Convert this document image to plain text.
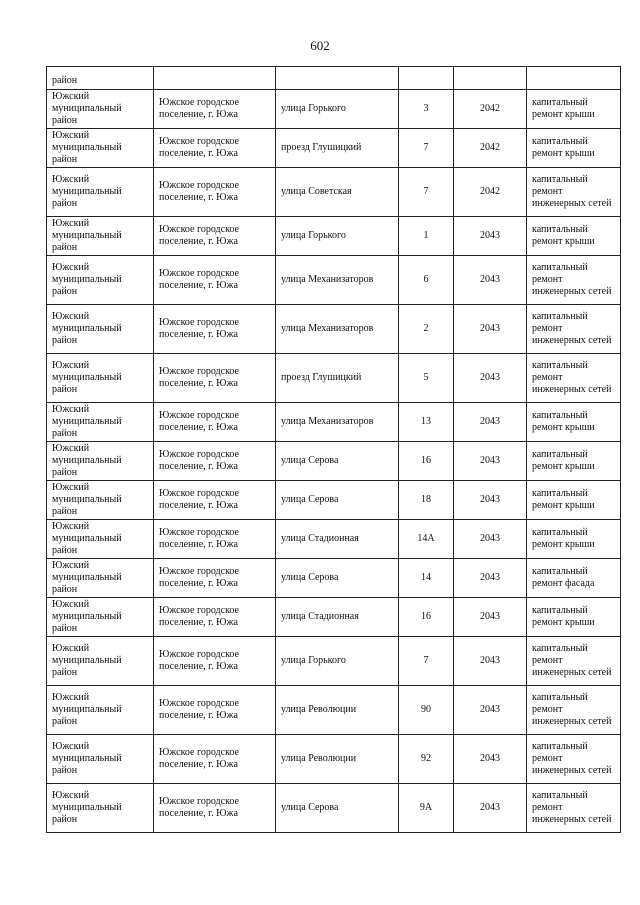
602
район					
Южский муниципальный район	Южское городское поселение, г. Южа	улица Горького	3	2042	капитальный ремонт крыши
Южский муниципальный район	Южское городское поселение, г. Южа	проезд Глушицкий	7	2042	капитальный ремонт крыши
Южский муниципальный район	Южское городское поселение, г. Южа	улица Советская	7	2042	капитальный ремонт инженерных сетей
Южский муниципальный район	Южское городское поселение, г. Южа	улица Горького	1	2043	капитальный ремонт крыши
Южский муниципальный район	Южское городское поселение, г. Южа	улица Механизаторов	6	2043	капитальный ремонт инженерных сетей
Южский муниципальный район	Южское городское поселение, г. Южа	улица Механизаторов	2	2043	капитальный ремонт инженерных сетей
Южский муниципальный район	Южское городское поселение, г. Южа	проезд Глушицкий	5	2043	капитальный ремонт инженерных сетей
Южский муниципальный район	Южское городское поселение, г. Южа	улица Механизаторов	13	2043	капитальный ремонт крыши
Южский муниципальный район	Южское городское поселение, г. Южа	улица Серова	16	2043	капитальный ремонт крыши
Южский муниципальный район	Южское городское поселение, г. Южа	улица Серова	18	2043	капитальный ремонт крыши
Южский муниципальный район	Южское городское поселение, г. Южа	улица Стадионная	14А	2043	капитальный ремонт крыши
Южский муниципальный район	Южское городское поселение, г. Южа	улица Серова	14	2043	капитальный ремонт фасада
Южский муниципальный район	Южское городское поселение, г. Южа	улица Стадионная	16	2043	капитальный ремонт крыши
Южский муниципальный район	Южское городское поселение, г. Южа	улица Горького	7	2043	капитальный ремонт инженерных сетей
Южский муниципальный район	Южское городское поселение, г. Южа	улица Революции	90	2043	капитальный ремонт инженерных сетей
Южский муниципальный район	Южское городское поселение, г. Южа	улица Революции	92	2043	капитальный ремонт инженерных сетей
Южский муниципальный район	Южское городское поселение, г. Южа	улица Серова	9А	2043	капитальный ремонт инженерных сетей
